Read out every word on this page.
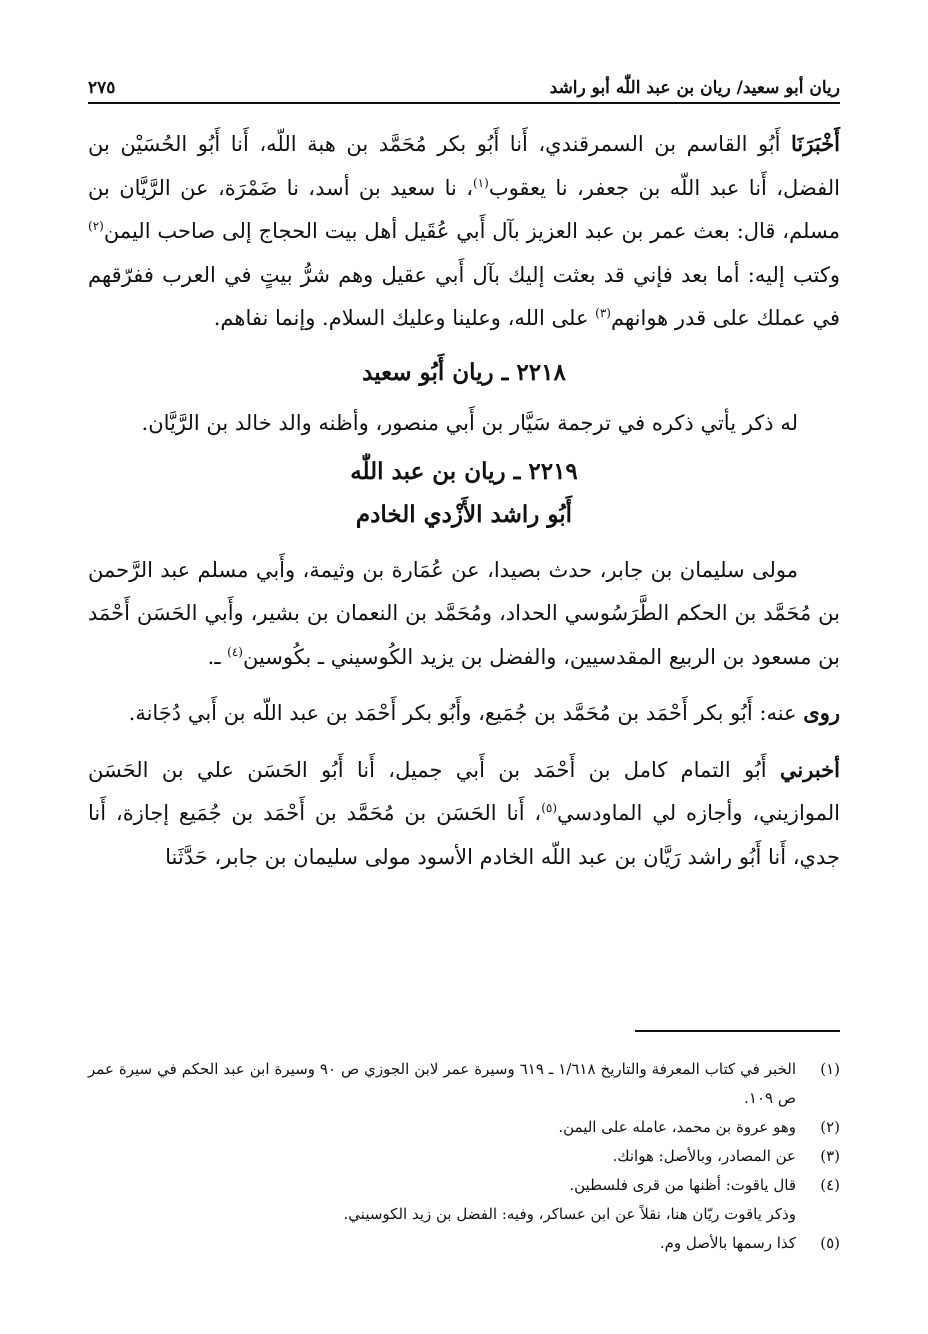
ريان أبو سعيد/ ريان بن عبد اللّٰه أبو راشد
٢٧٥

أَخْبَرَنَا أَبُو القاسم بن السمرقندي، أَنا أَبُو بكر مُحَمَّد بن هبة اللّه، أَنا أَبُو الحُسَيْن بن الفضل، أَنا عبد اللّه بن جعفر، نا يعقوب$^{(١)}$، نا سعيد بن أسد، نا ضَمْرَة، عن الرَّيَّان بن مسلم، قال: بعث عمر بن عبد العزيز بآل أَبي عُقَيل أهل بيت الحجاج إلى صاحب اليمن$^{(٢)}$ وكتب إليه: أما بعد فإني قد بعثت إليك بآل أَبي عقيل وهم شرُّ بيتٍ في العرب ففرّقهم في عملك على قدر هوانهم$^{(٣)}$ على الله، وعلينا وعليك السلام. وإنما نفاهم.

٢٢١٨ ـ ريان أَبُو سعيد

له ذكر يأتي ذكره في ترجمة سَيَّار بن أَبي منصور، وأظنه والد خالد بن الرَّيَّان.

٢٢١٩ ـ ريان بن عبد اللّٰه
أَبُو راشد الأَزْدي الخادم

مولى سليمان بن جابر، حدث بصيدا، عن عُمَارة بن وثيمة، وأَبي مسلم عبد الرَّحمن بن مُحَمَّد بن الحكم الطَّرَسُوسي الحداد، ومُحَمَّد بن النعمان بن بشير، وأَبي الحَسَن أَحْمَد بن مسعود بن الربيع المقدسيين، والفضل بن يزيد الكُوسيني ـ بكُوسين$^{(٤)}$ ـ.

روى عنه: أَبُو بكر أَحْمَد بن مُحَمَّد بن جُمَيع، وأَبُو بكر أَحْمَد بن عبد اللّه بن أَبي دُجَانة.

أخبرني أَبُو التمام كامل بن أَحْمَد بن أَبي جميل، أَنا أَبُو الحَسَن علي بن الحَسَن الموازيني، وأجازه لي الماودسي$^{(٥)}$، أَنا الحَسَن بن مُحَمَّد بن أَحْمَد بن جُمَيع إجازة، أَنا جدي، أَنا أَبُو راشد رَيَّان بن عبد اللّه الخادم الأسود مولى سليمان بن جابر، حَدَّثَنا

(١)
الخبر في كتاب المعرفة والتاريخ ١/٦١٨ ـ ٦١٩ وسيرة عمر لابن الجوزي ص ٩٠ وسيرة ابن عبد الحكم في سيرة عمر ص ١٠٩.
(٢)
وهو عروة بن محمد، عامله على اليمن.
(٣)
عن المصادر، وبالأصل: هوانك.
(٤)
قال ياقوت: أظنها من قرى فلسطين.
وذكر ياقوت ريّان هنا، نقلاً عن ابن عساكر، وفيه: الفضل بن زيد الكوسيني.
(٥)
كذا رسمها بالأصل وم.
